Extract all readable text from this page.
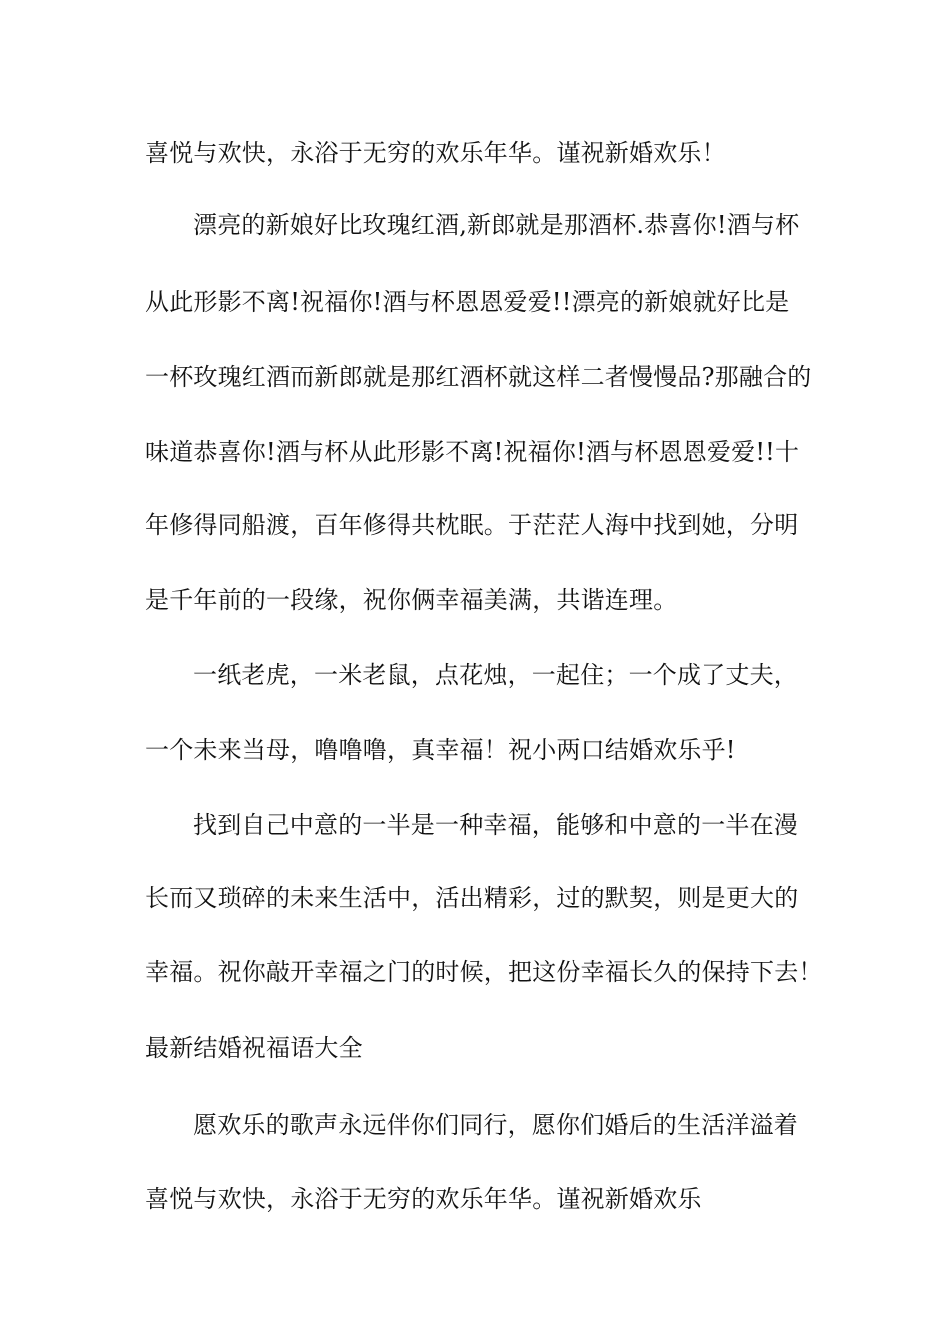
喜悦与欢快，永浴于无穷的欢乐年华。谨祝新婚欢乐！
漂亮的新娘好比玫瑰红酒,新郎就是那酒杯.恭喜你!酒与杯
从此形影不离!祝福你!酒与杯恩恩爱爱!!漂亮的新娘就好比是
一杯玫瑰红酒而新郎就是那红酒杯就这样二者慢慢品?那融合的
味道恭喜你!酒与杯从此形影不离!祝福你!酒与杯恩恩爱爱!!十
年修得同船渡，百年修得共枕眠。于茫茫人海中找到她，分明
是千年前的一段缘，祝你俩幸福美满，共谐连理。
一纸老虎，一米老鼠，点花烛，一起住；一个成了丈夫，
一个未来当母，噜噜噜，真幸福！祝小两口结婚欢乐乎!
找到自己中意的一半是一种幸福，能够和中意的一半在漫
长而又琐碎的未来生活中，活出精彩，过的默契，则是更大的
幸福。祝你敲开幸福之门的时候，把这份幸福长久的保持下去！
最新结婚祝福语大全
愿欢乐的歌声永远伴你们同行，愿你们婚后的生活洋溢着
喜悦与欢快，永浴于无穷的欢乐年华。谨祝新婚欢乐
